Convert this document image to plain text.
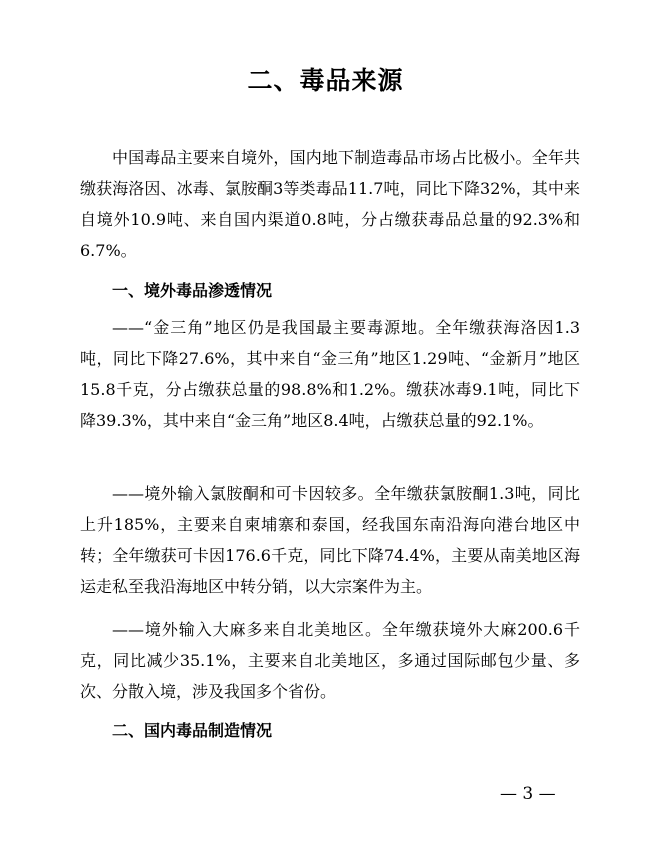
二、毒品来源

中国毒品主要来自境外，国内地下制造毒品市场占比极小。全年共缴获海洛因、冰毒、氯胺酮3等类毒品11.7吨，同比下降32%，其中来自境外10.9吨、来自国内渠道0.8吨，分占缴获毒品总量的92.3%和6.7%。

一、境外毒品渗透情况

——“金三角”地区仍是我国最主要毒源地。全年缴获海洛因1.3吨，同比下降27.6%，其中来自“金三角”地区1.29吨、“金新月”地区15.8千克，分占缴获总量的98.8%和1.2%。缴获冰毒9.1吨，同比下降39.3%，其中来自“金三角”地区8.4吨，占缴获总量的92.1%。

——境外输入氯胺酮和可卡因较多。全年缴获氯胺酮1.3吨，同比上升185%，主要来自柬埔寨和泰国，经我国东南沿海向港台地区中转；全年缴获可卡因176.6千克，同比下降74.4%，主要从南美地区海运走私至我沿海地区中转分销，以大宗案件为主。

——境外输入大麻多来自北美地区。全年缴获境外大麻200.6千克，同比减少35.1%，主要来自北美地区，多通过国际邮包少量、多次、分散入境，涉及我国多个省份。

二、国内毒品制造情况

— 3 —
